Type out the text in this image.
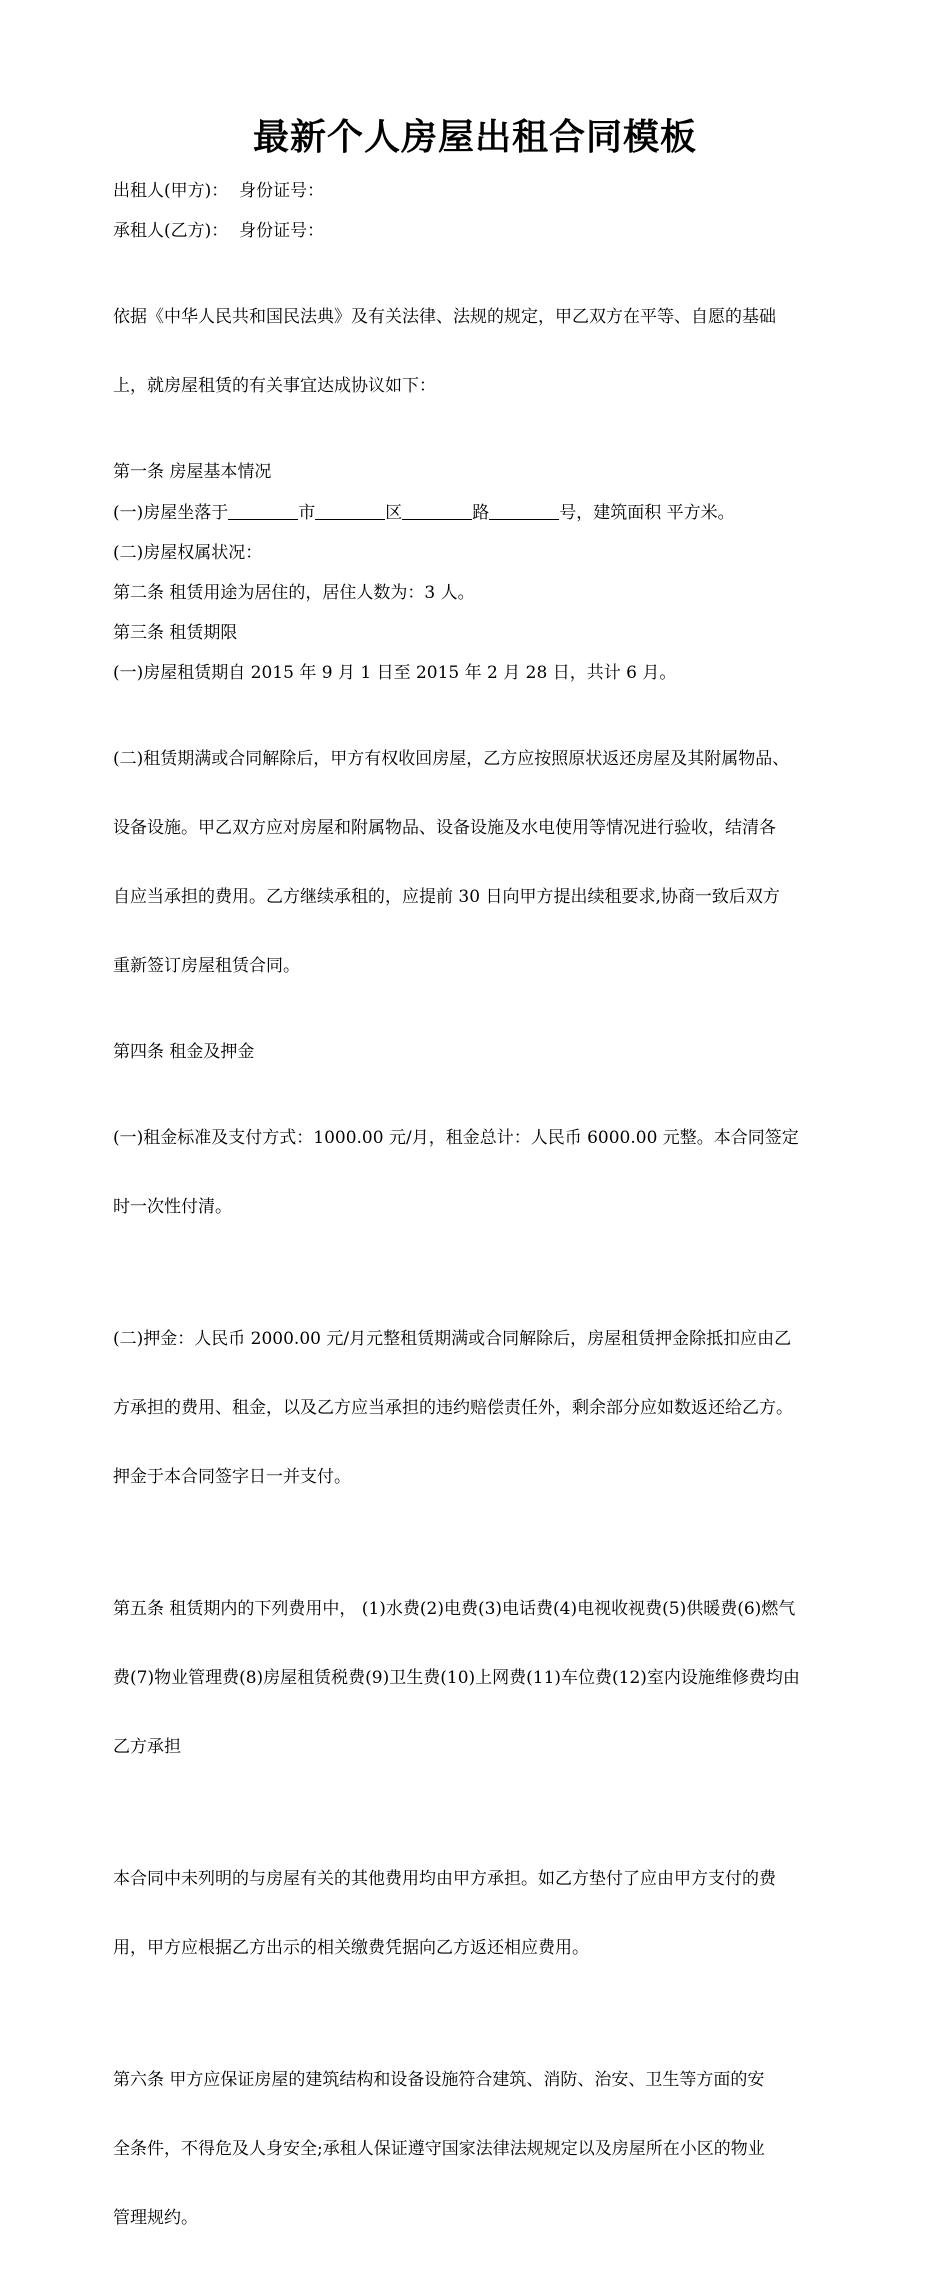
最新个人房屋出租合同模板

出租人(甲方)：  身份证号：

承租人(乙方)：  身份证号：

依据《中华人民共和国民法典》及有关法律、法规的规定，甲乙双方在平等、自愿的基础

上，就房屋租赁的有关事宜达成协议如下：

第一条 房屋基本情况

(一)房屋坐落于	市	区	路	号，建筑面积 平方米。

(二)房屋权属状况：

第二条 租赁用途为居住的，居住人数为：3 人。

第三条 租赁期限

(一)房屋租赁期自 2015 年 9 月 1 日至 2015 年 2 月 28 日，共计 6 月。

(二)租赁期满或合同解除后，甲方有权收回房屋，乙方应按照原状返还房屋及其附属物品、

设备设施。甲乙双方应对房屋和附属物品、设备设施及水电使用等情况进行验收，结清各

自应当承担的费用。乙方继续承租的，应提前 30 日向甲方提出续租要求,协商一致后双方

重新签订房屋租赁合同。

第四条 租金及押金

(一)租金标准及支付方式：1000.00 元/月，租金总计：人民币 6000.00 元整。本合同签定

时一次性付清。

(二)押金：人民币 2000.00 元/月元整租赁期满或合同解除后，房屋租赁押金除抵扣应由乙

方承担的费用、租金，以及乙方应当承担的违约赔偿责任外，剩余部分应如数返还给乙方。

押金于本合同签字日一并支付。

第五条 租赁期内的下列费用中， (1)水费(2)电费(3)电话费(4)电视收视费(5)供暖费(6)燃气

费(7)物业管理费(8)房屋租赁税费(9)卫生费(10)上网费(11)车位费(12)室内设施维修费均由

乙方承担

本合同中未列明的与房屋有关的其他费用均由甲方承担。如乙方垫付了应由甲方支付的费

用，甲方应根据乙方出示的相关缴费凭据向乙方返还相应费用。

第六条 甲方应保证房屋的建筑结构和设备设施符合建筑、消防、治安、卫生等方面的安

全条件，不得危及人身安全;承租人保证遵守国家法律法规规定以及房屋所在小区的物业

管理规约。
